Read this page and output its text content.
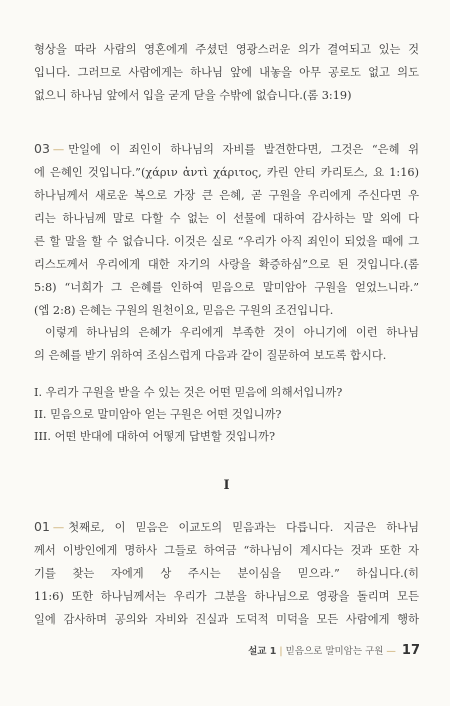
형상을 따라 사람의 영혼에게 주셨던 영광스러운 의가 결여되고 있는 것
입니다. 그러므로 사람에게는 하나님 앞에 내놓을 아무 공로도 없고 의도
없으니 하나님 앞에서 입을 굳게 닫을 수밖에 없습니다.(롬 3:19)
03 — 만일에 이 죄인이 하나님의 자비를 발견한다면, 그것은 “은혜 위
에 은혜인 것입니다.”(χάριν ἀντὶ χάριτος, 카린 안티 카리토스, 요 1:16)
하나님께서 새로운 복으로 가장 큰 은혜, 곧 구원을 우리에게 주신다면 우
리는 하나님께 말로 다할 수 없는 이 선물에 대하여 감사하는 말 외에 다
른 할 말을 할 수 없습니다. 이것은 실로 “우리가 아직 죄인이 되었을 때에 그
리스도께서 우리에게 대한 자기의 사랑을 확증하심”으로 된 것입니다.(롬
5:8) “너희가 그 은혜를 인하여 믿음으로 말미암아 구원을 얻었느니라.”
(엡 2:8) 은혜는 구원의 원천이요, 믿음은 구원의 조건입니다.
이렇게 하나님의 은혜가 우리에게 부족한 것이 아니기에 이런 하나님
의 은혜를 받기 위하여 조심스럽게 다음과 같이 질문하여 보도록 합시다.

I. 우리가 구원을 받을 수 있는 것은 어떤 믿음에 의해서입니까?

II. 믿음으로 말미암아 얻는 구원은 어떤 것입니까?

III. 어떤 반대에 대하여 어떻게 답변할 것입니까?

I
01 — 첫째로, 이 믿음은 이교도의 믿음과는 다릅니다. 지금은 하나님
께서 이방인에게 명하사 그들로 하여금 “하나님이 계시다는 것과 또한 자
기를 찾는 자에게 상 주시는 분이심을 믿으라.” 하십니다.(히
11:6) 또한 하나님께서는 우리가 그분을 하나님으로 영광을 돌리며 모든
일에 감사하며 공의와 자비와 진실과 도덕적 미덕을 모든 사람에게 행하
설교 1 | 믿음으로 말미암는 구원 — 17
